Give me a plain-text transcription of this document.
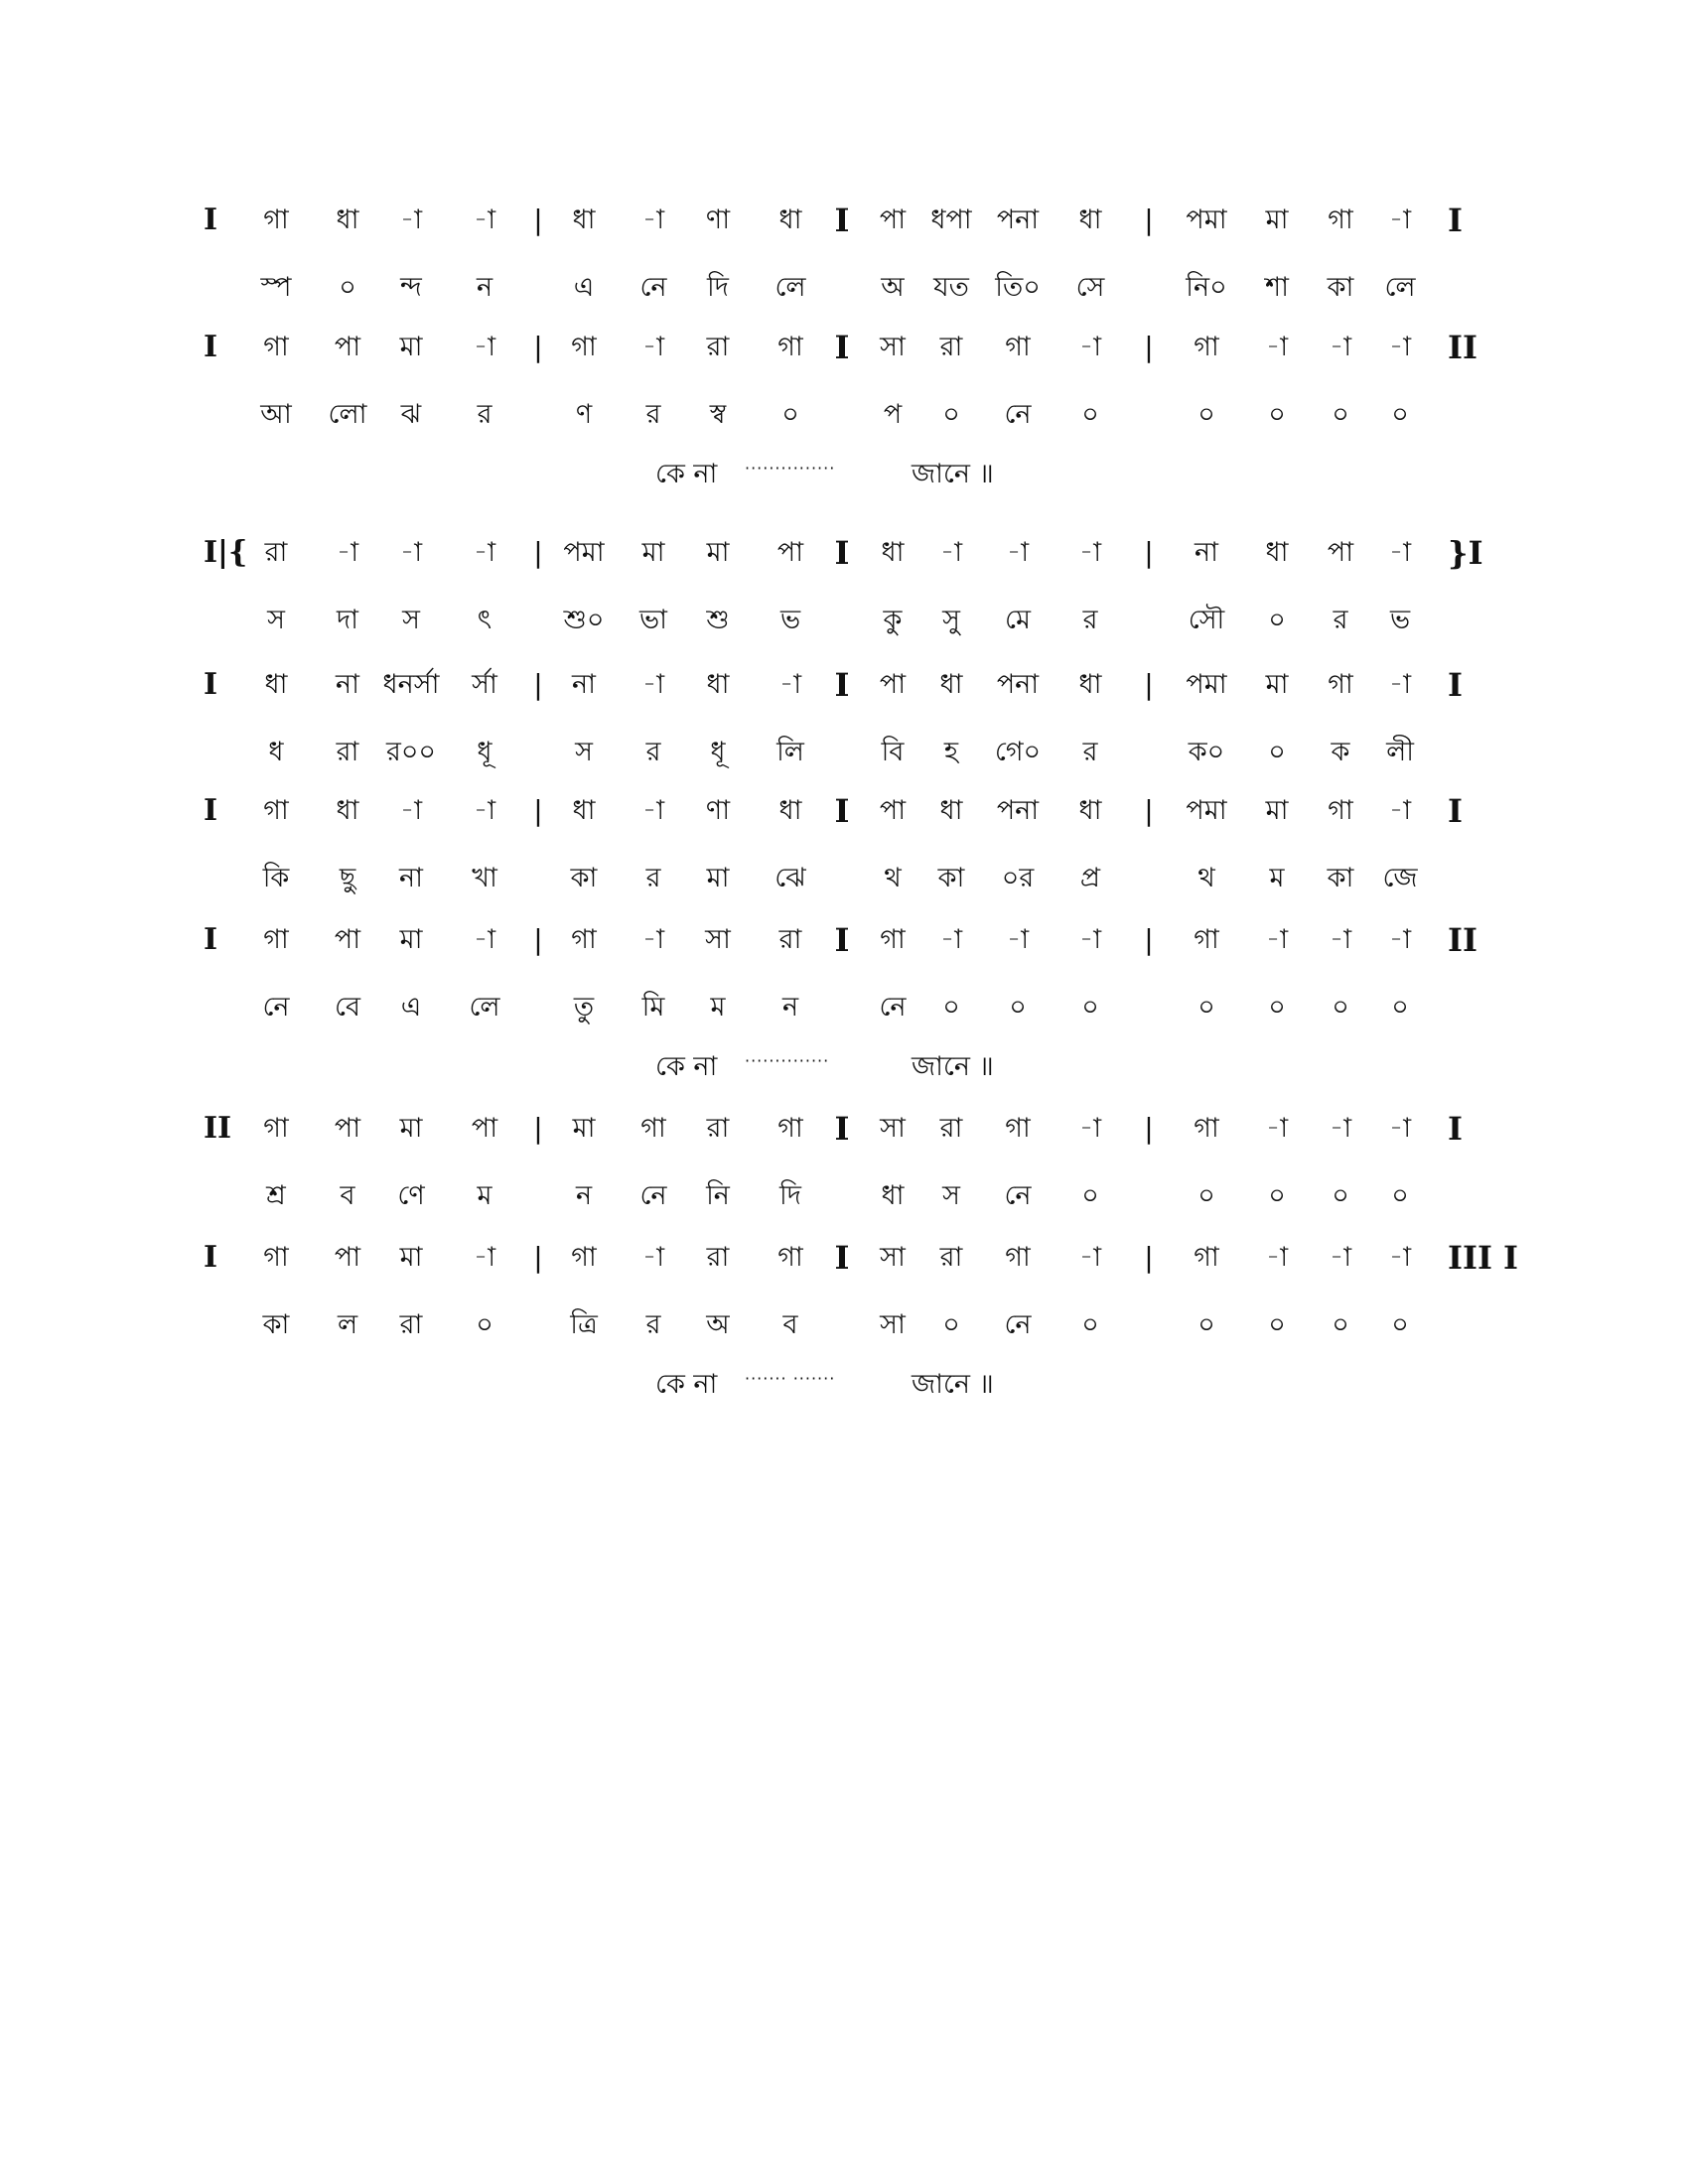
I গা ধা -া -া | ধা -া ণা ধা I পা ধপা পনা ধা | পমা মা গা -া I
স্প ০ ন্দ ন	এ নে দি লে	অ যত তি০ সে	নি০ শা কা লে
I গা পা মা -া | গা -া রা গা I সা রা গা -া | গা -া -া -া II
আ লো ঝ র	ণ র স্ব ০	প ০ নে ০	০ ০ ০ ০
কে না ···············	জানে ॥
I|{ রা -া -া -া | পমা মা মা পা I ধা -া -া -া | না ধা পা -া }I
স দা স ৎ	শু০ ভা শু ভ	কু সু মে র	সৌ ০ র ভ
I ধা না ধনর্সা র্সা | না -া ধা -া I পা ধা পনা ধা | পমা মা গা -া I
ধ রা র০০ ধূ	স র ধূ লি	বি হ গে০ র	ক০ ০ ক লী
I গা ধা -া -া | ধা -া ণা ধা I পা ধা পনা ধা | পমা মা গা -া I
কি ছু না খা	কা র মা ঝে	থ কা ০র প্র	থ ম কা জে
I গা পা মা -া | গা -া সা রা I গা -া -া -া | গা -া -া -া II
নে বে এ লে	তু মি ম ন	নে ০ ০ ০	০ ০ ০ ০
কে না ··············	জানে ॥
II গা পা মা পা | মা গা রা গা I সা রা গা -া | গা -া -া -া I
শ্র ব ণে ম	ন নে নি দি	ধা স নে ০	০ ০ ০ ০
I গা পা মা -া | গা -া রা গা I সা রা গা -া | গা -া -া -া III I
কা ল রা ০	ত্রি র অ ব	সা ০ নে ০	০ ০ ০ ০
কে না ······· ·······	জানে ॥
